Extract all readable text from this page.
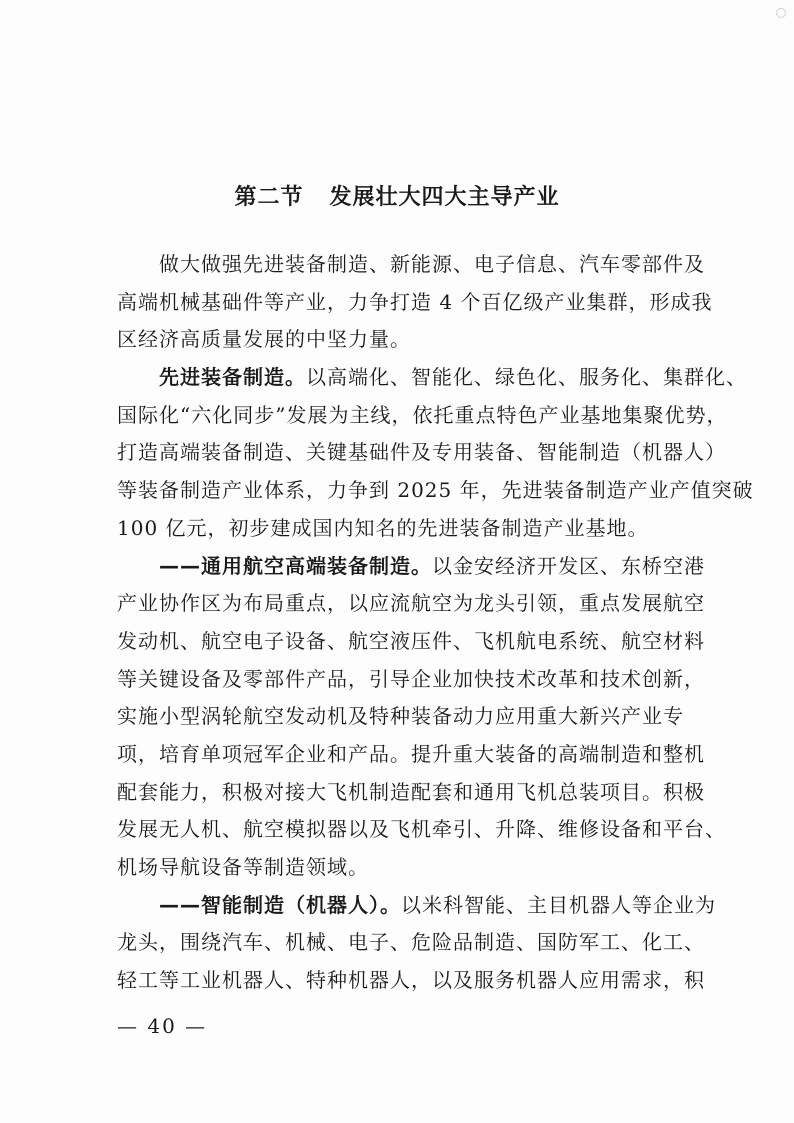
第二节   发展壮大四大主导产业
做大做强先进装备制造、新能源、电子信息、汽车零部件及
高端机械基础件等产业，力争打造 4 个百亿级产业集群，形成我
区经济高质量发展的中坚力量。
先进装备制造。以高端化、智能化、绿色化、服务化、集群化、
国际化“六化同步”发展为主线，依托重点特色产业基地集聚优势，
打造高端装备制造、关键基础件及专用装备、智能制造（机器人）
等装备制造产业体系，力争到 2025 年，先进装备制造产业产值突破
100 亿元，初步建成国内知名的先进装备制造产业基地。
——通用航空高端装备制造。以金安经济开发区、东桥空港
产业协作区为布局重点，以应流航空为龙头引领，重点发展航空
发动机、航空电子设备、航空液压件、飞机航电系统、航空材料
等关键设备及零部件产品，引导企业加快技术改革和技术创新，
实施小型涡轮航空发动机及特种装备动力应用重大新兴产业专
项，培育单项冠军企业和产品。提升重大装备的高端制造和整机
配套能力，积极对接大飞机制造配套和通用飞机总装项目。积极
发展无人机、航空模拟器以及飞机牵引、升降、维修设备和平台、
机场导航设备等制造领域。
——智能制造（机器人）。以米科智能、主目机器人等企业为
龙头，围绕汽车、机械、电子、危险品制造、国防军工、化工、
轻工等工业机器人、特种机器人，以及服务机器人应用需求，积
— 40 —
